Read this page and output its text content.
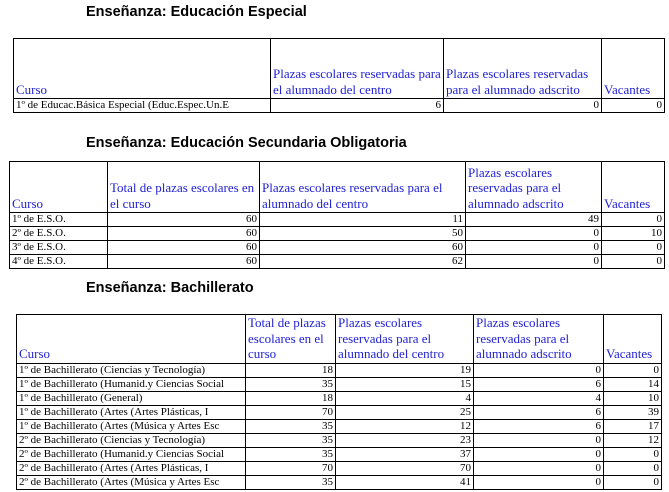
Enseñanza: Educación Especial
Curso	Plazas escolares reservadas para el alumnado del centro	Plazas escolares reservadas para el alumnado adscrito	Vacantes
1º de Educac.Básica Especial (Educ.Espec.Un.E	6	0	0
Enseñanza: Educación Secundaria Obligatoria
Curso	Total de plazas escolares en el curso	Plazas escolares reservadas para el alumnado del centro	Plazas escolares reservadas para el alumnado adscrito	Vacantes
1º de E.S.O.	60	11	49	0
2º de E.S.O.	60	50	0	10
3º de E.S.O.	60	60	0	0
4º de E.S.O.	60	62	0	0
Enseñanza: Bachillerato
Curso	Total de plazas escolares en el curso	Plazas escolares reservadas para el alumnado del centro	Plazas escolares reservadas para el alumnado adscrito	Vacantes
1º de Bachillerato (Ciencias y Tecnología)	18	19	0	0
1º de Bachillerato (Humanid.y Ciencias Social	35	15	6	14
1º de Bachillerato (General)	18	4	4	10
1º de Bachillerato (Artes (Artes Plásticas, I	70	25	6	39
1º de Bachillerato (Artes (Música y Artes Esc	35	12	6	17
2º de Bachillerato (Ciencias y Tecnología)	35	23	0	12
2º de Bachillerato (Humanid.y Ciencias Social	35	37	0	0
2º de Bachillerato (Artes (Artes Plásticas, I	70	70	0	0
2º de Bachillerato (Artes (Música y Artes Esc	35	41	0	0
